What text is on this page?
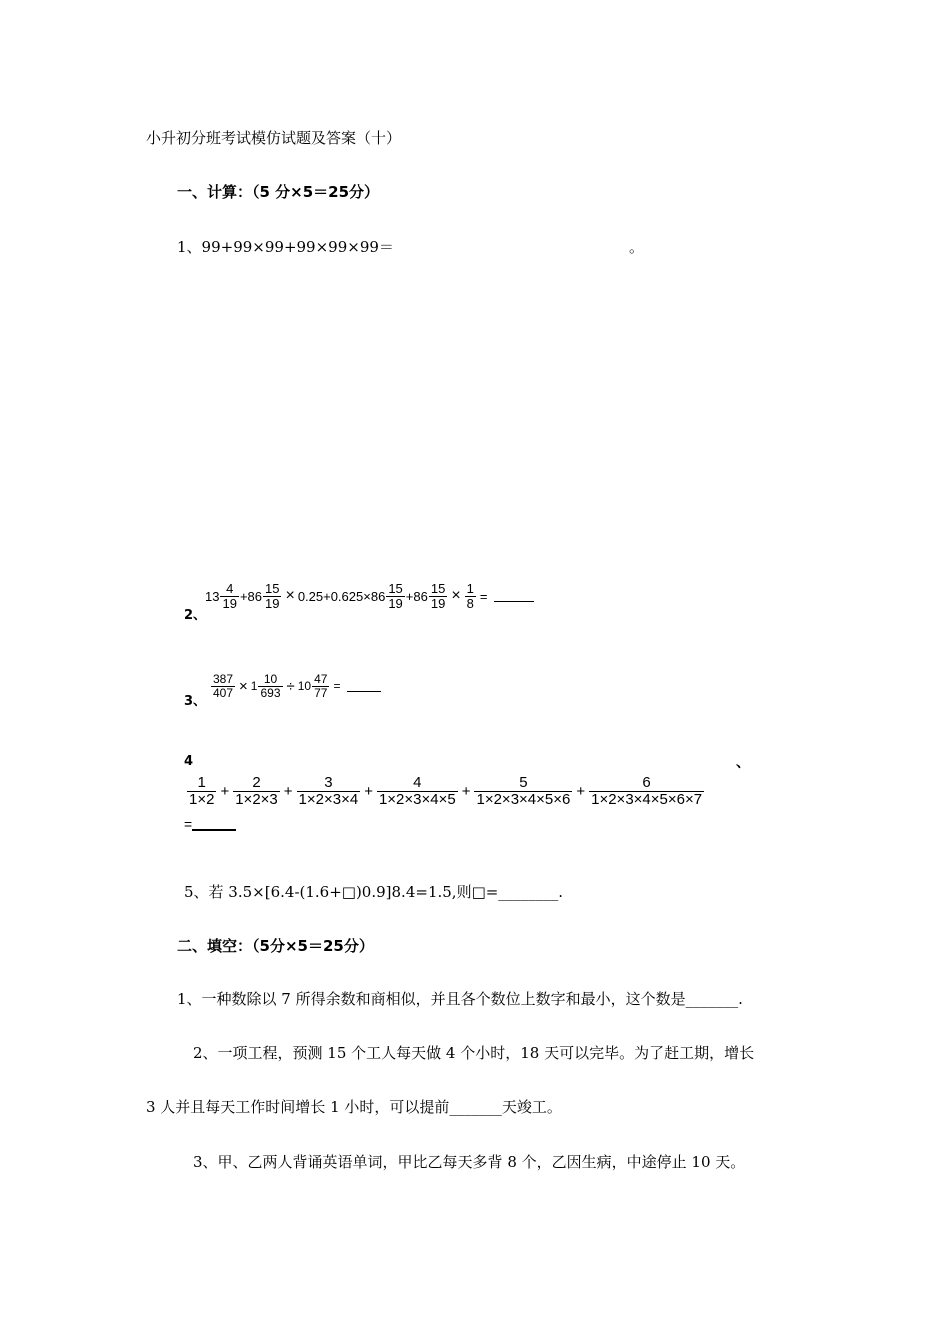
小升初分班考试模仿试题及答案（十）
一、计算：（5 分×5＝25分）
1、99+99×99+99×99×99＝	。
2、
$13 \frac{4}{19} +86 \frac{15}{19} \times 0.25+0.625\times 86 \frac{15}{19} +86 \frac{15}{19} \times \frac{1}{8}$ =
3、
$\frac{387}{407} \times 1 \frac{10}{693} \div 10 \frac{47}{77}$ =
4	、
$\frac{1}{1\times 2} + \frac{2}{1\times 2\times 3} + \frac{3}{1\times 2\times 3\times 4} + \frac{4}{1\times 2\times 3\times 4\times 5} + \frac{5}{1\times 2\times 3\times 4\times 5\times 6} + \frac{6}{1\times 2\times 3\times 4\times 5\times 6\times 7}$
=
5、若 3.5×[6.4-(1.6+□)0.9]8.4=1.5,则□=________.
二、填空：（5分×5＝25分）
1、一种数除以 7 所得余数和商相似，并且各个数位上数字和最小，这个数是_______.
2、一项工程，预测 15 个工人每天做 4 个小时，18 天可以完毕。为了赶工期，增长
3 人并且每天工作时间增长 1 小时，可以提前_______天竣工。
3、甲、乙两人背诵英语单词，甲比乙每天多背 8 个，乙因生病，中途停止 10 天。
